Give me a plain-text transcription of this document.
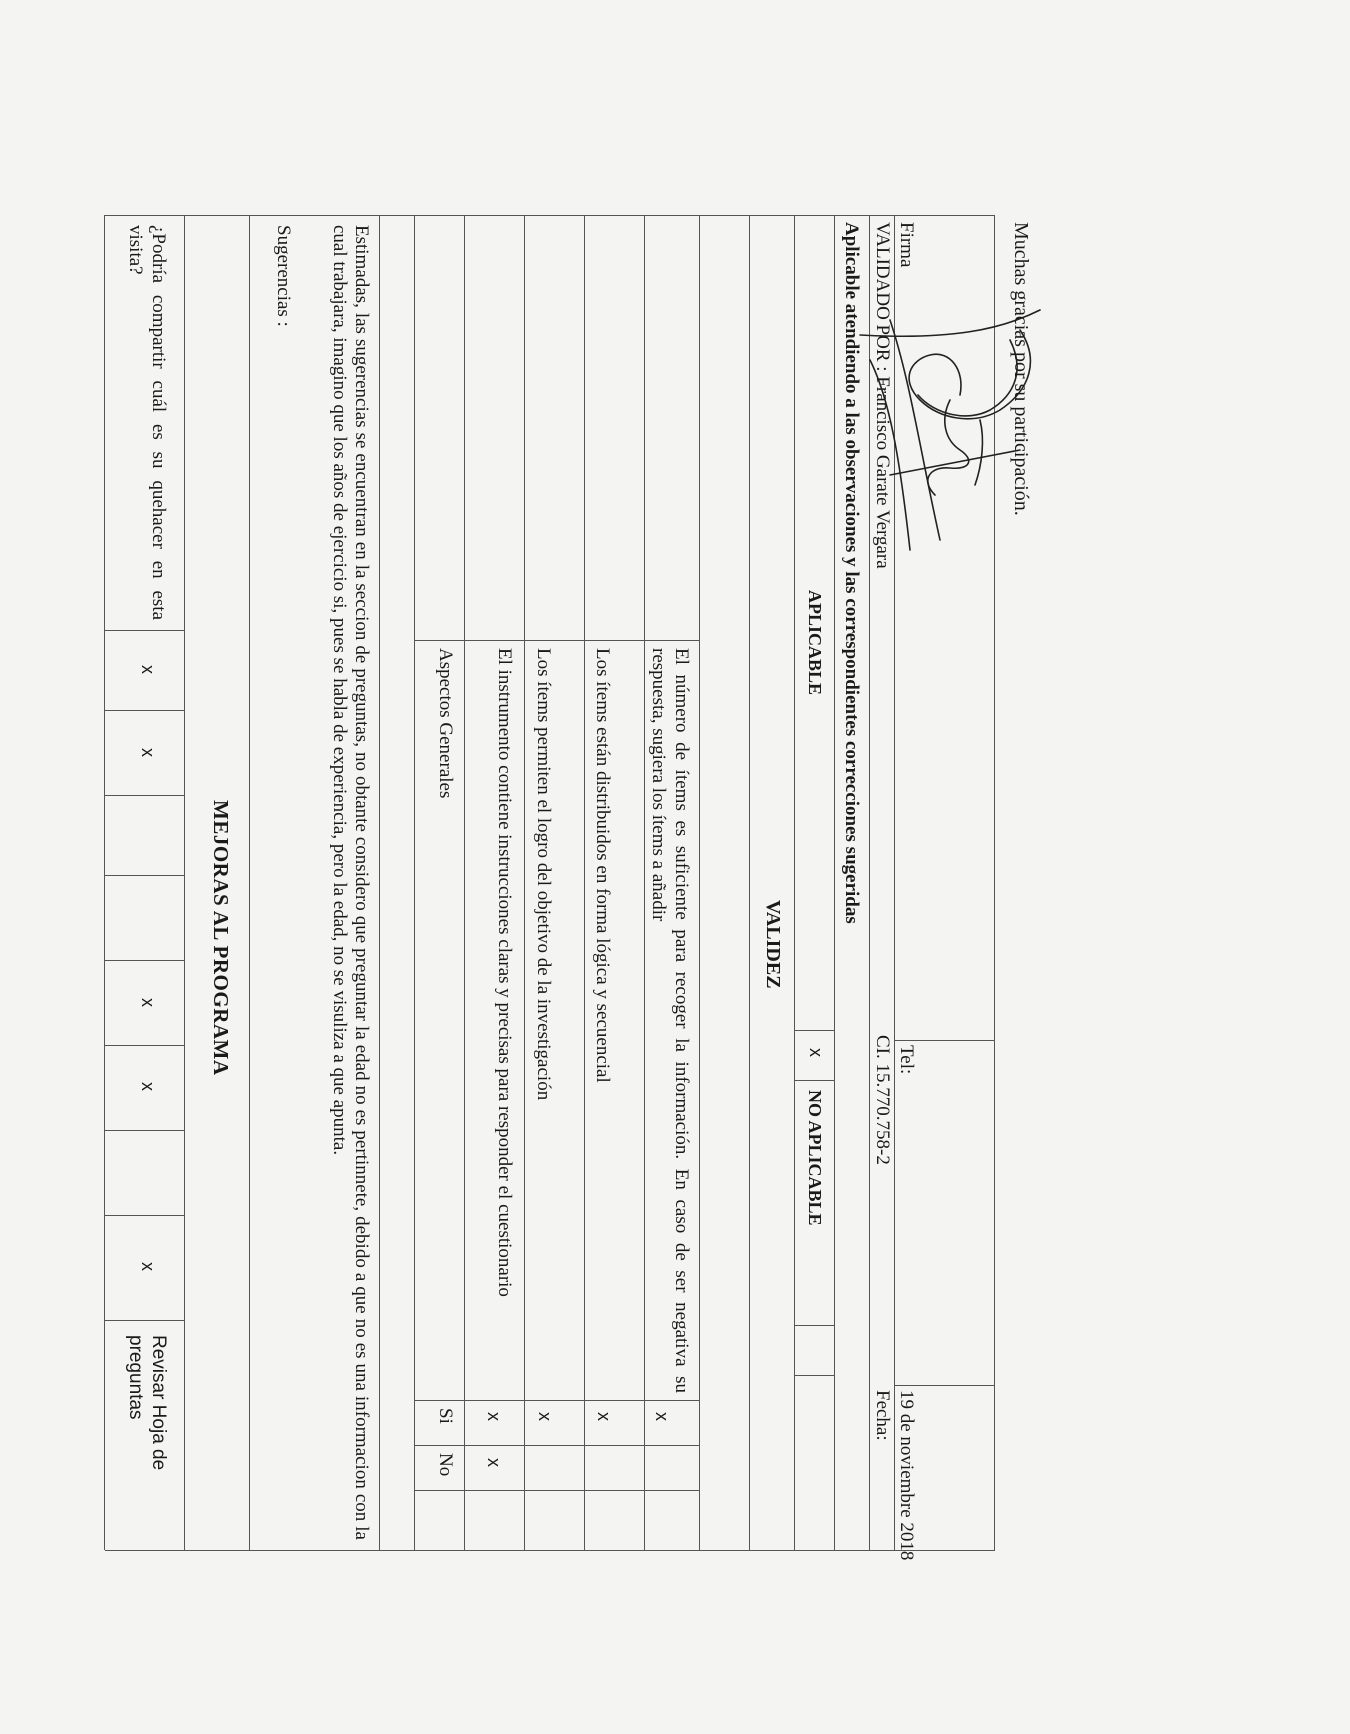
¿Podría compartir cuál es su quehacer en esta visita?
x
x
x
x
x
Revisar Hoja de preguntas
MEJORAS AL PROGRAMA
Sugerencias :	Estimadas, las sugerencias se encuentran en la seccion de preguntas, no obtante considero que preguntar la edad no es pertinnete, debido a que no es una informacion con la cual trabajara, imagino que los años de ejercicio si, pues se habla de experiencia, pero la edad, no se visuliza a que apunta.	Aspectos Generales
Si
No
El instrumento contiene instrucciones claras y precisas para responder el cuestionario
x
x
Los ítems permiten el logro del objetivo de la investigación
x
Los ítems están distribuidos en forma lógica y secuencial
x
El número de ítems es suficiente para recoger la información. En caso de ser negativa su respuesta, sugiera los ítems a añadir
x
VALIDEZ
APLICABLE
x
NO APLICABLE
Aplicable atendiendo a las observaciones y las correspondientes correcciones sugeridas VALIDADO POR : Francisco Garate Vergara
CI. 15.770.758-2
Fecha:
Firma
Tel:
19 de noviembre 2018
Muchas gracias por su participación.
